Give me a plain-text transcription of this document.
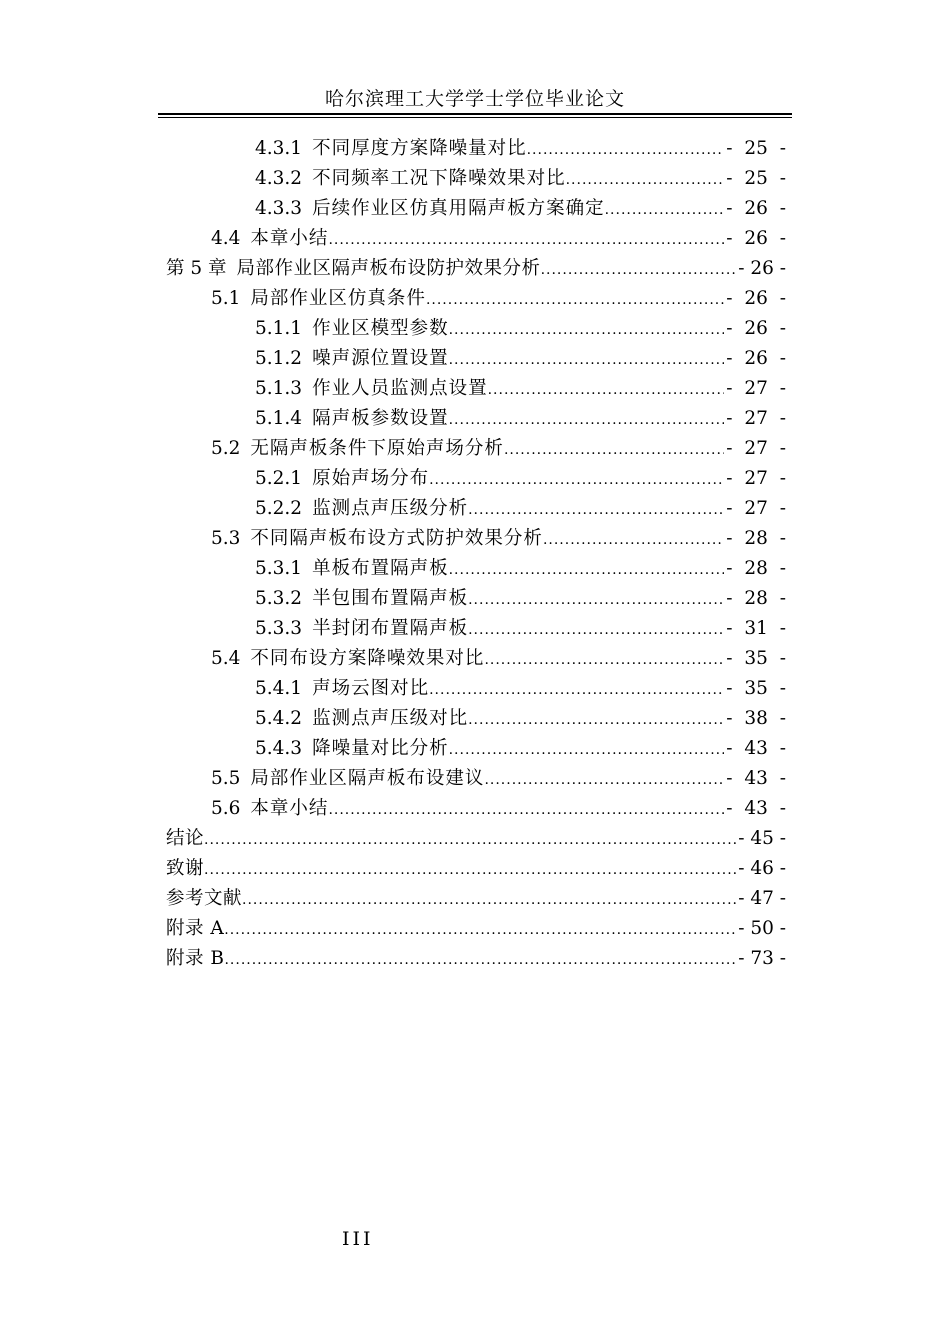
哈尔滨理工大学学士学位毕业论文
4.3.1 不同厚度方案降噪量对比 .....	- 25 -
4.3.2 不同频率工况下降噪效果对比 .....	- 25 -
4.3.3 后续作业区仿真用隔声板方案确定 .....	- 26 -
4.4 本章小结 .....	- 26 -
第 5 章 局部作业区隔声板布设防护效果分析 .....	- 26 -
5.1 局部作业区仿真条件 .....	- 26 -
5.1.1 作业区模型参数 .....	- 26 -
5.1.2 噪声源位置设置 .....	- 26 -
5.1.3 作业人员监测点设置 .....	- 27 -
5.1.4 隔声板参数设置 .....	- 27 -
5.2 无隔声板条件下原始声场分析 .....	- 27 -
5.2.1 原始声场分布 .....	- 27 -
5.2.2 监测点声压级分析 .....	- 27 -
5.3 不同隔声板布设方式防护效果分析 .....	- 28 -
5.3.1 单板布置隔声板 .....	- 28 -
5.3.2 半包围布置隔声板 .....	- 28 -
5.3.3 半封闭布置隔声板 .....	- 31 -
5.4 不同布设方案降噪效果对比 .....	- 35 -
5.4.1 声场云图对比 .....	- 35 -
5.4.2 监测点声压级对比 .....	- 38 -
5.4.3 降噪量对比分析 .....	- 43 -
5.5 局部作业区隔声板布设建议 .....	- 43 -
5.6 本章小结 .....	- 43 -
结论 .....	- 45 -
致谢 .....	- 46 -
参考文献 .....	- 47 -
附录 A .....	- 50 -
附录 B .....	- 73 -
III
